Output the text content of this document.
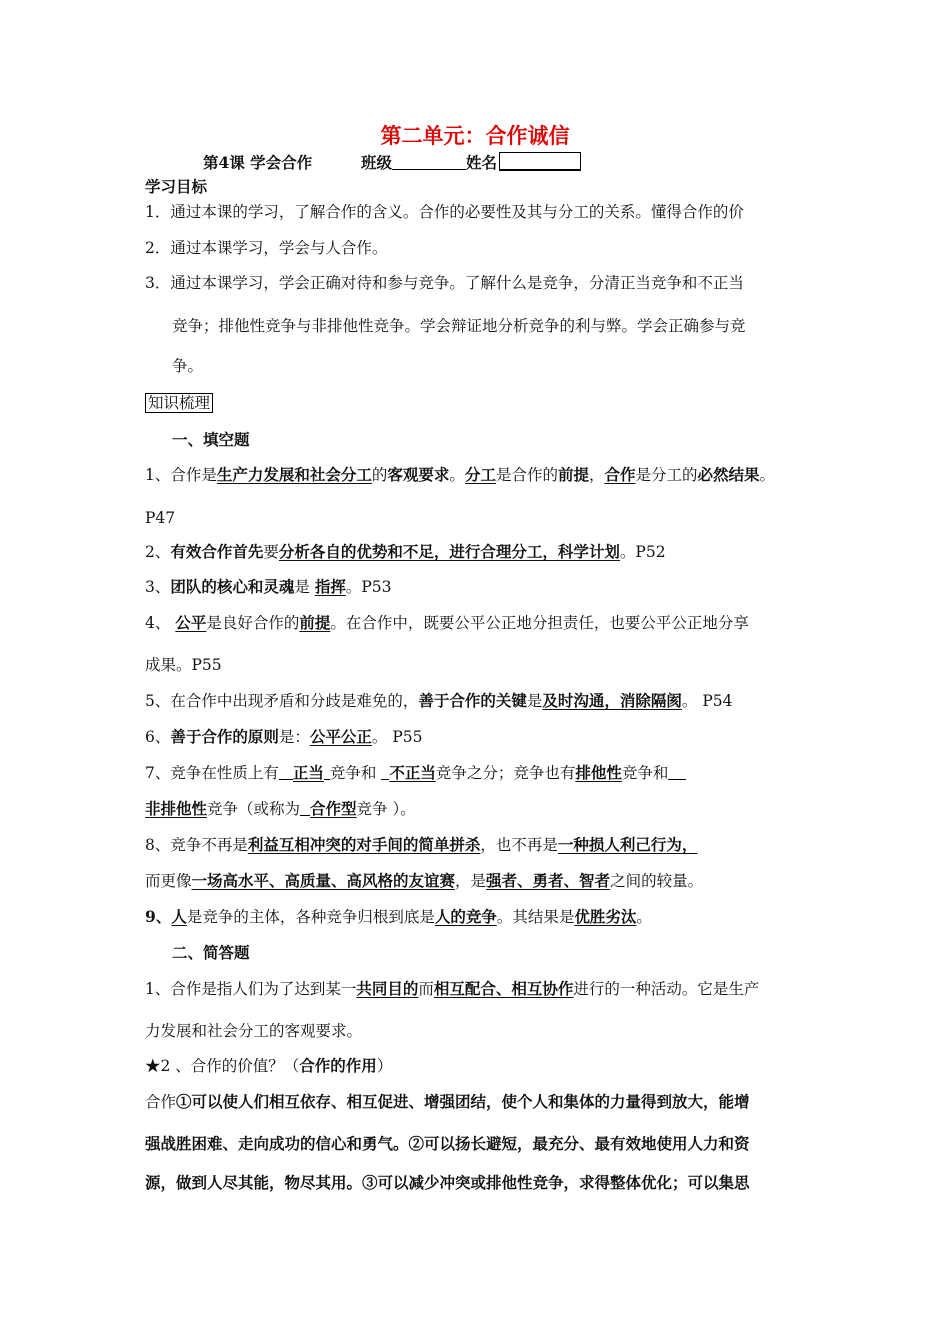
第二单元：合作诚信
第4课 学会合作	班级	姓名
学习目标
1．通过本课的学习，了解合作的含义。合作的必要性及其与分工的关系。懂得合作的价
2．通过本课学习，学会与人合作。
3．通过本课学习，学会正确对待和参与竞争。了解什么是竞争，分清正当竞争和不正当
竞争；排他性竞争与非排他性竞争。学会辩证地分析竞争的利与弊。学会正确参与竞
争。
知识梳理
一、填空题
1、合作是生产力发展和社会分工的客观要求。分工是合作的前提，合作是分工的必然结果。
P47
2、有效合作首先要分析各自的优势和不足，进行合理分工，科学计划。P52
3、团队的核心和灵魂是 指挥。P53
4、 公平是良好合作的前提。在合作中，既要公平公正地分担责任，也要公平公正地分享
成果。P55
5、在合作中出现矛盾和分歧是难免的，善于合作的关键是及时沟通，消除隔阂。 P54
6、善于合作的原则是：公平公正。 P55
7、竞争在性质上有 正当 竞争和 不正当竞争之分；竞争也有排他性竞争和
非排他性竞争（或称为 合作型竞争 ）。
8、竞争不再是利益互相冲突的对手间的简单拼杀，也不再是一种损人利己行为，
而更像一场高水平、高质量、高风格的友谊赛，是强者、勇者、智者之间的较量。
9、人是竞争的主体，各种竞争归根到底是人的竞争。其结果是优胜劣汰。
二、简答题
1、合作是指人们为了达到某一共同目的而相互配合、相互协作进行的一种活动。它是生产
力发展和社会分工的客观要求。
★2 、合作的价值？（合作的作用）
合作①可以使人们相互依存、相互促进、增强团结，使个人和集体的力量得到放大，能增
强战胜困难、走向成功的信心和勇气。②可以扬长避短，最充分、最有效地使用人力和资
源，做到人尽其能，物尽其用。③可以减少冲突或排他性竞争，求得整体优化；可以集思
